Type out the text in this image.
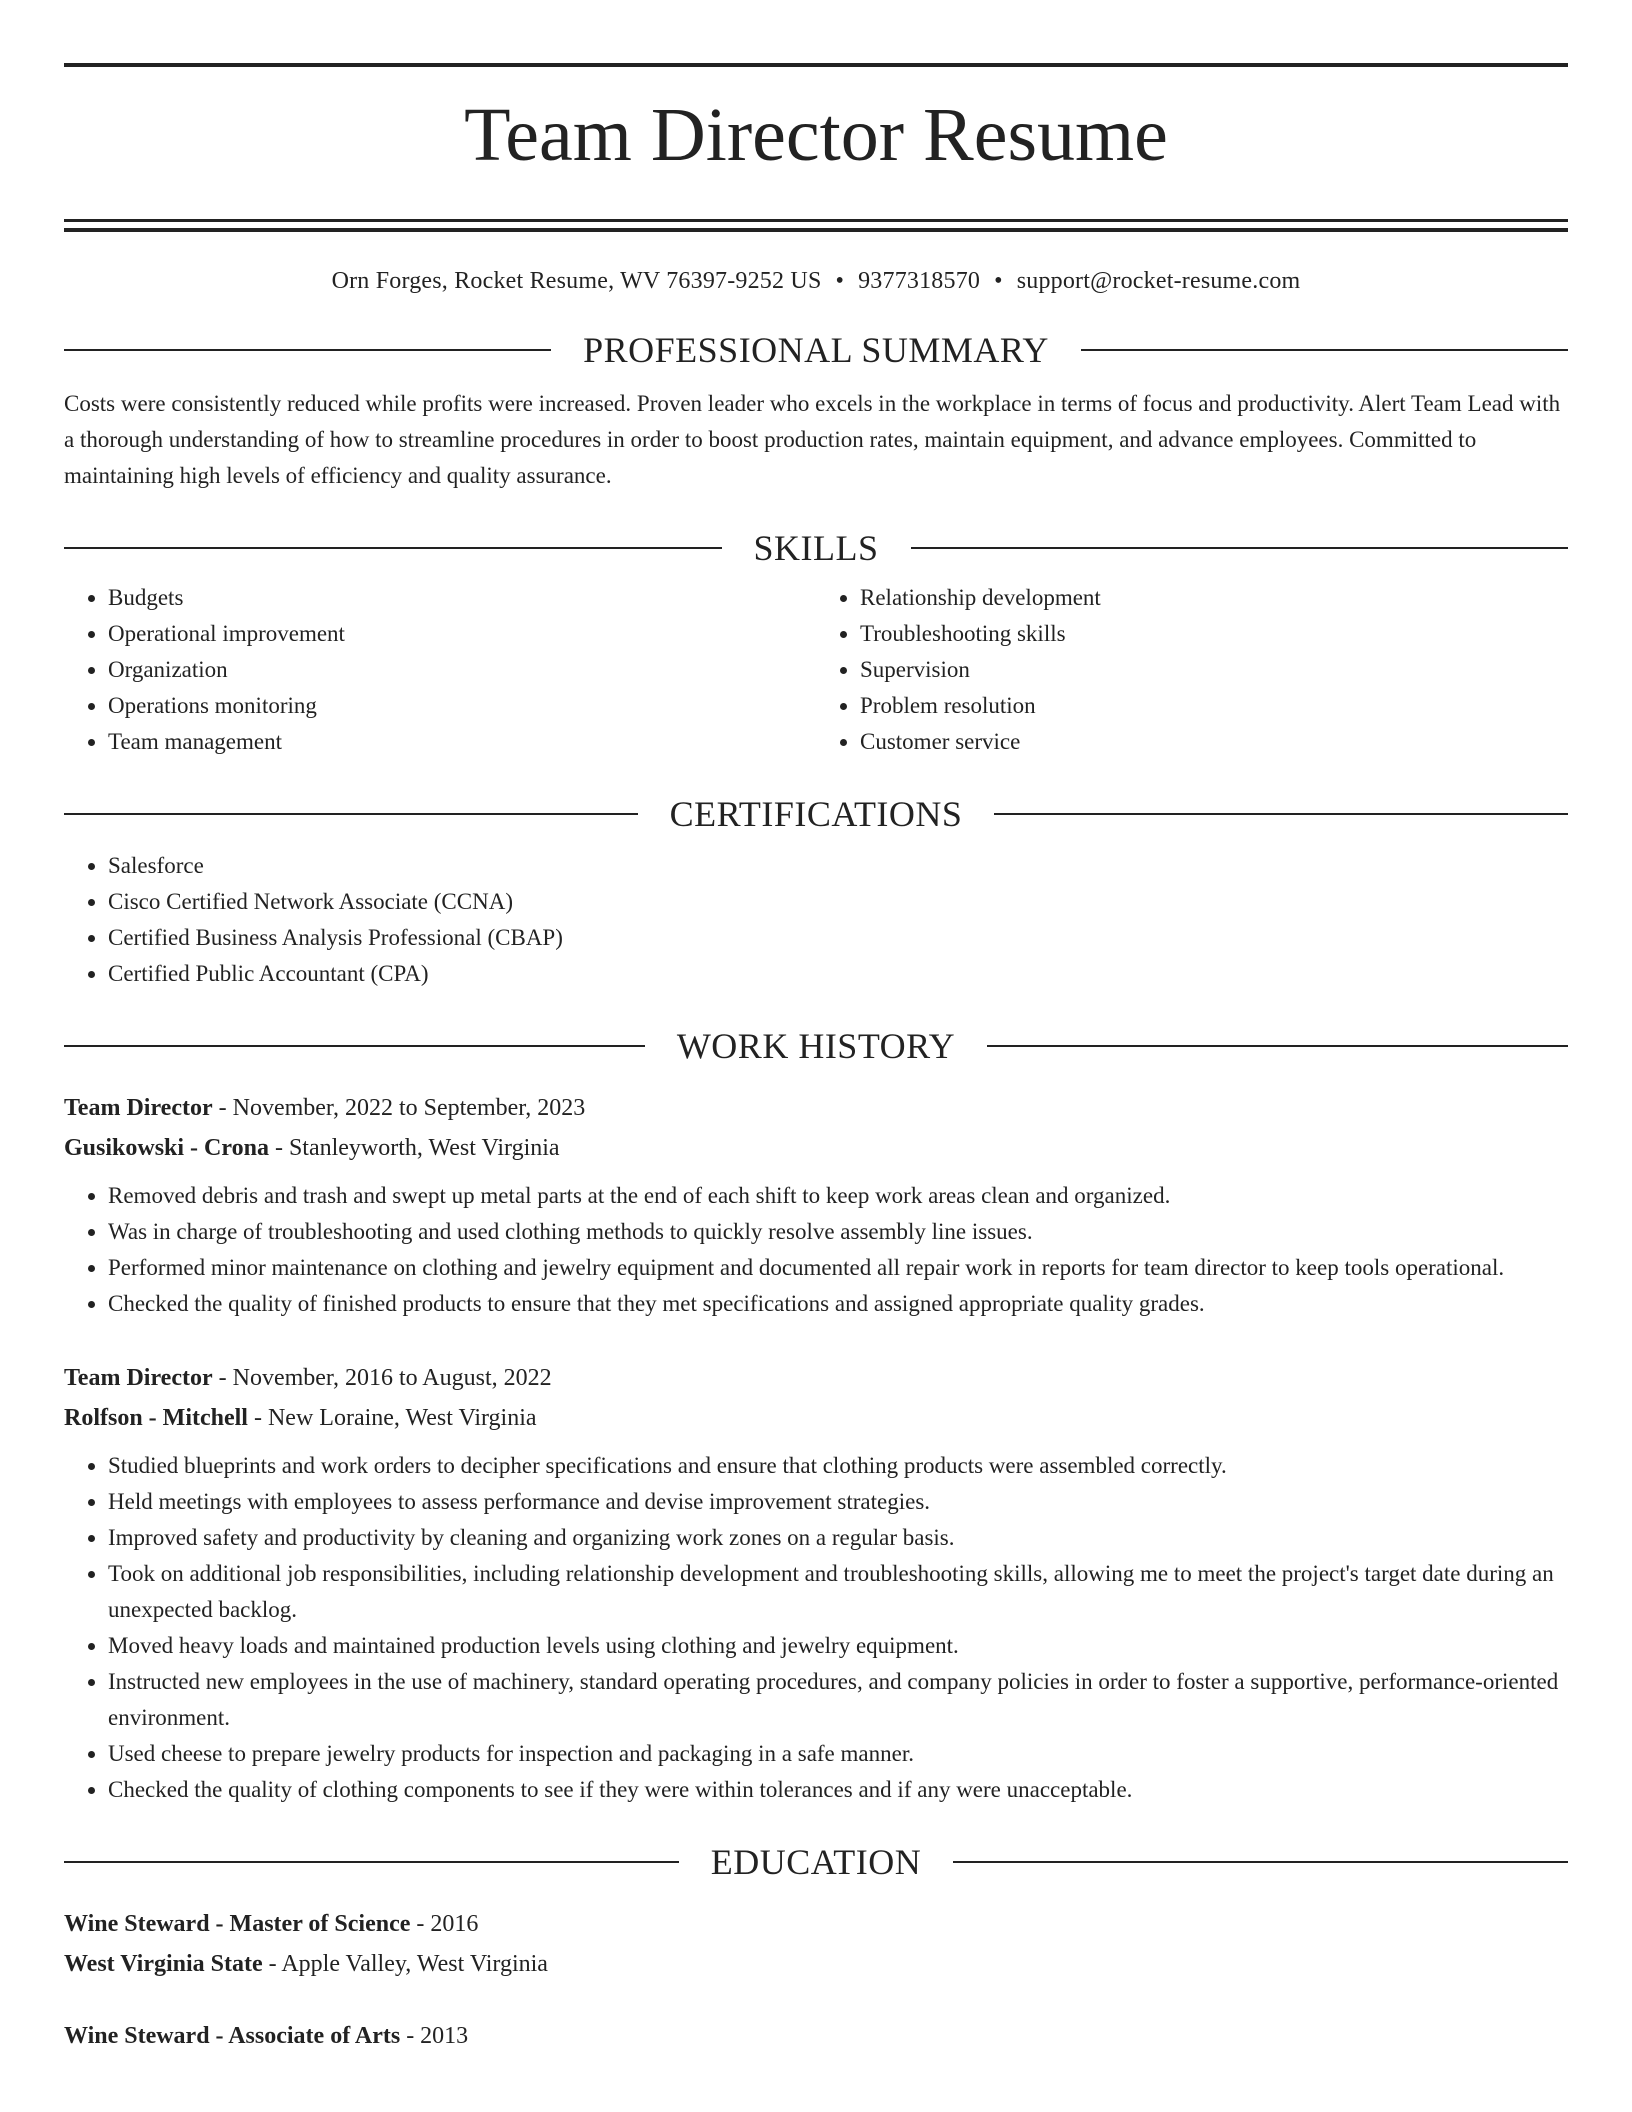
Team Director Resume
Orn Forges, Rocket Resume, WV 76397-9252 US • 9377318570 • support@rocket-resume.com
PROFESSIONAL SUMMARY
Costs were consistently reduced while profits were increased. Proven leader who excels in the workplace in terms of focus and productivity. Alert Team Lead with a thorough understanding of how to streamline procedures in order to boost production rates, maintain equipment, and advance employees. Committed to maintaining high levels of efficiency and quality assurance.
SKILLS
• Budgets
• Operational improvement
• Organization
• Operations monitoring
• Team management
• Relationship development
• Troubleshooting skills
• Supervision
• Problem resolution
• Customer service
CERTIFICATIONS
• Salesforce
• Cisco Certified Network Associate (CCNA)
• Certified Business Analysis Professional (CBAP)
• Certified Public Accountant (CPA)
WORK HISTORY
Team Director - November, 2022 to September, 2023
Gusikowski - Crona - Stanleyworth, West Virginia
• Removed debris and trash and swept up metal parts at the end of each shift to keep work areas clean and organized.
• Was in charge of troubleshooting and used clothing methods to quickly resolve assembly line issues.
• Performed minor maintenance on clothing and jewelry equipment and documented all repair work in reports for team director to keep tools operational.
• Checked the quality of finished products to ensure that they met specifications and assigned appropriate quality grades.
Team Director - November, 2016 to August, 2022
Rolfson - Mitchell - New Loraine, West Virginia
• Studied blueprints and work orders to decipher specifications and ensure that clothing products were assembled correctly.
• Held meetings with employees to assess performance and devise improvement strategies.
• Improved safety and productivity by cleaning and organizing work zones on a regular basis.
• Took on additional job responsibilities, including relationship development and troubleshooting skills, allowing me to meet the project's target date during an unexpected backlog.
• Moved heavy loads and maintained production levels using clothing and jewelry equipment.
• Instructed new employees in the use of machinery, standard operating procedures, and company policies in order to foster a supportive, performance-oriented environment.
• Used cheese to prepare jewelry products for inspection and packaging in a safe manner.
• Checked the quality of clothing components to see if they were within tolerances and if any were unacceptable.
EDUCATION
Wine Steward - Master of Science - 2016
West Virginia State - Apple Valley, West Virginia
Wine Steward - Associate of Arts - 2013
